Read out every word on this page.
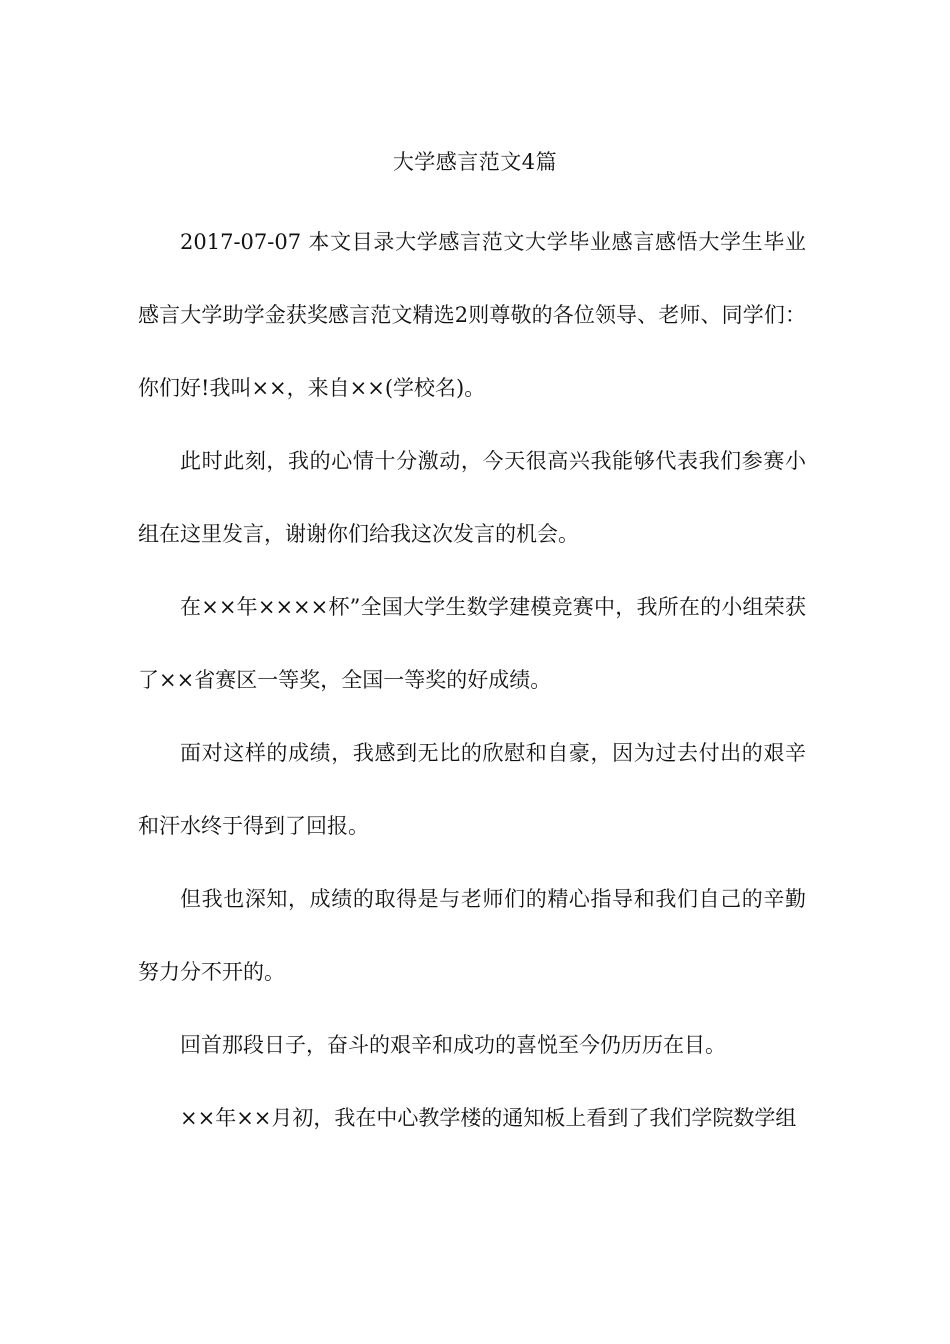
大学感言范文4篇

2017-07-07 本文目录大学感言范文大学毕业感言感悟大学生毕业感言大学助学金获奖感言范文精选2则尊敬的各位领导、老师、同学们：你们好!我叫××，来自××(学校名)。

此时此刻，我的心情十分激动，今天很高兴我能够代表我们参赛小组在这里发言，谢谢你们给我这次发言的机会。

在××年××××杯”全国大学生数学建模竞赛中，我所在的小组荣获了××省赛区一等奖，全国一等奖的好成绩。

面对这样的成绩，我感到无比的欣慰和自豪，因为过去付出的艰辛和汗水终于得到了回报。

但我也深知，成绩的取得是与老师们的精心指导和我们自己的辛勤努力分不开的。

回首那段日子，奋斗的艰辛和成功的喜悦至今仍历历在目。

××年××月初，我在中心教学楼的通知板上看到了我们学院数学组
